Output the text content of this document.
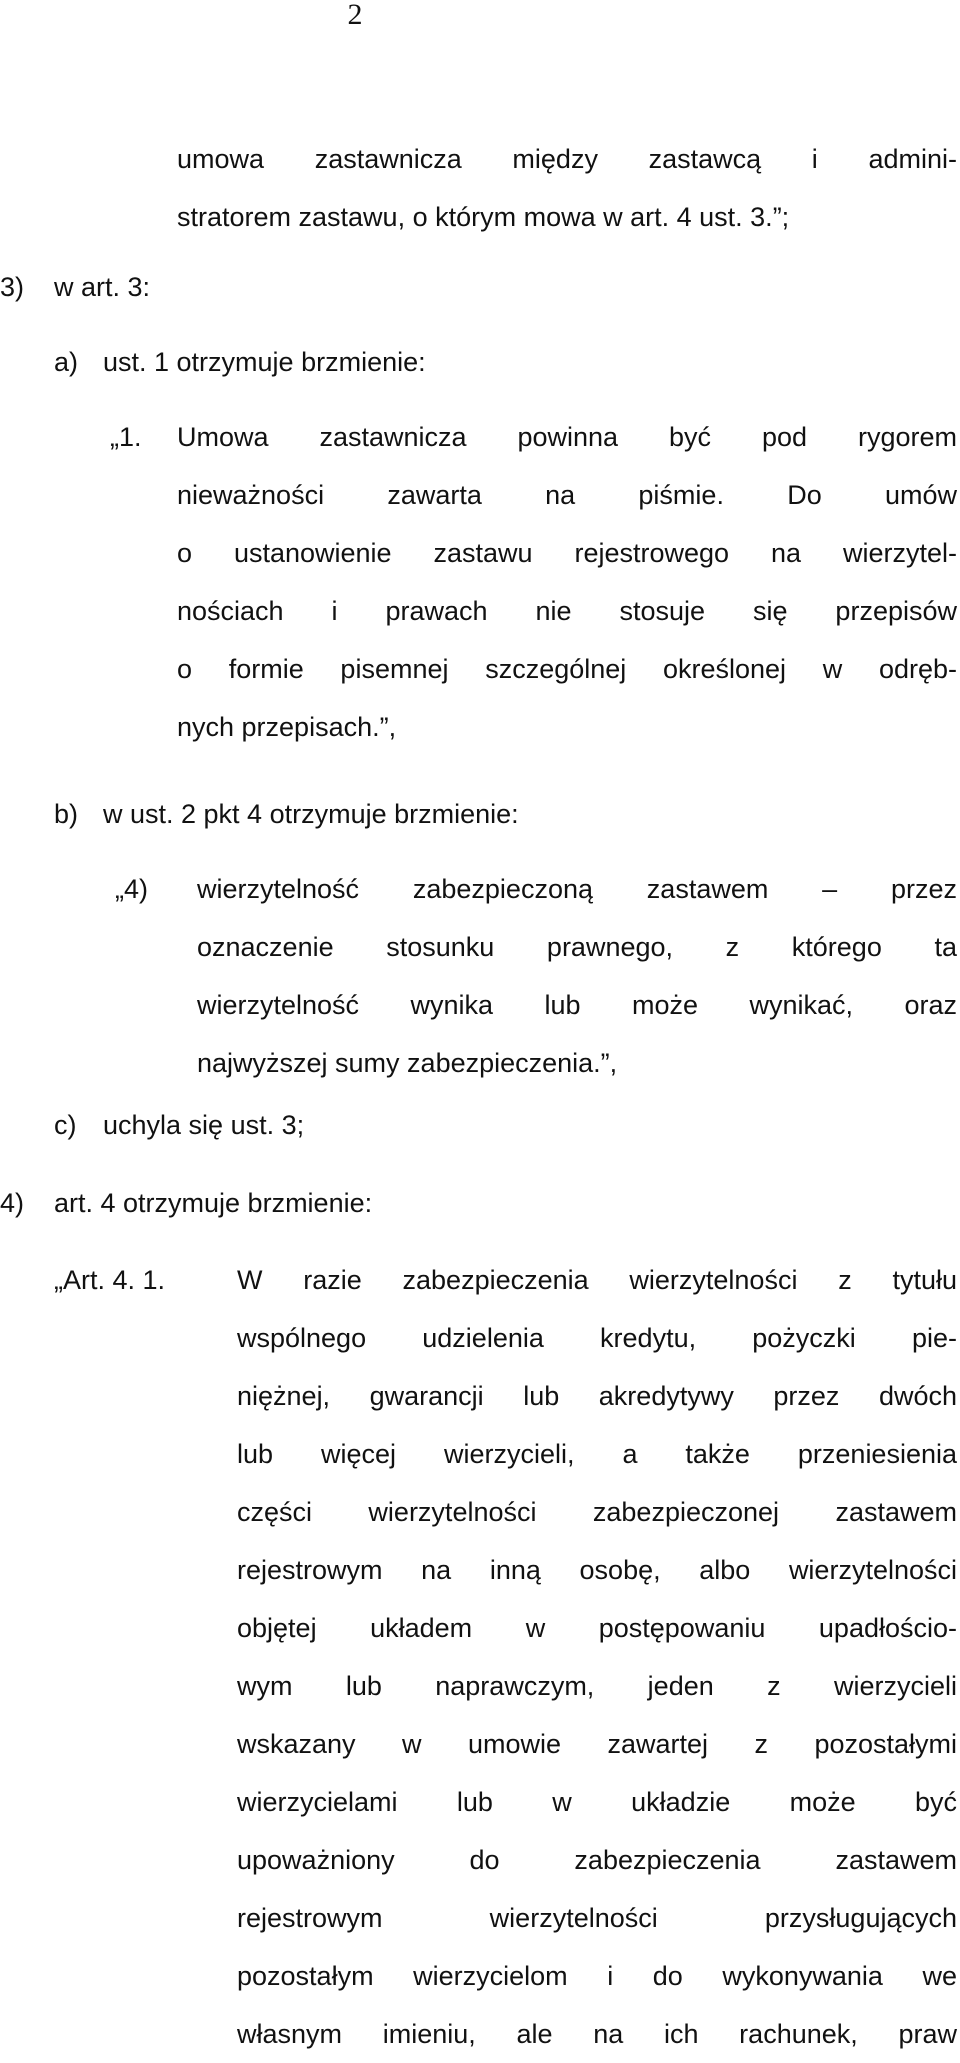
2
umowa zastawnicza między zastawcą i admini-
stratorem zastawu, o którym mowa w art. 4 ust. 3.”;
3) w art. 3:
a) ust. 1 otrzymuje brzmienie:
„1. Umowa zastawnicza powinna być pod rygorem
nieważności zawarta na piśmie. Do umów
o ustanowienie zastawu rejestrowego na wierzytel-
nościach i prawach nie stosuje się przepisów
o formie pisemnej szczególnej określonej w odręb-
nych przepisach.”,
b) w ust. 2 pkt 4 otrzymuje brzmienie:
„4) wierzytelność zabezpieczoną zastawem – przez
oznaczenie stosunku prawnego, z którego ta
wierzytelność wynika lub może wynikać, oraz
najwyższej sumy zabezpieczenia.”,
c) uchyla się ust. 3;
4) art. 4 otrzymuje brzmienie:
„Art. 4. 1.	W razie zabezpieczenia wierzytelności z tytułu
wspólnego udzielenia kredytu, pożyczki pie-
niężnej, gwarancji lub akredytywy przez dwóch
lub więcej wierzycieli, a także przeniesienia
części wierzytelności zabezpieczonej zastawem
rejestrowym na inną osobę, albo wierzytelności
objętej układem w postępowaniu upadłościo-
wym lub naprawczym, jeden z wierzycieli
wskazany w umowie zawartej z pozostałymi
wierzycielami lub w układzie może być
upoważniony do zabezpieczenia zastawem
rejestrowym wierzytelności przysługujących
pozostałym wierzycielom i do wykonywania we
własnym imieniu, ale na ich rachunek, praw
